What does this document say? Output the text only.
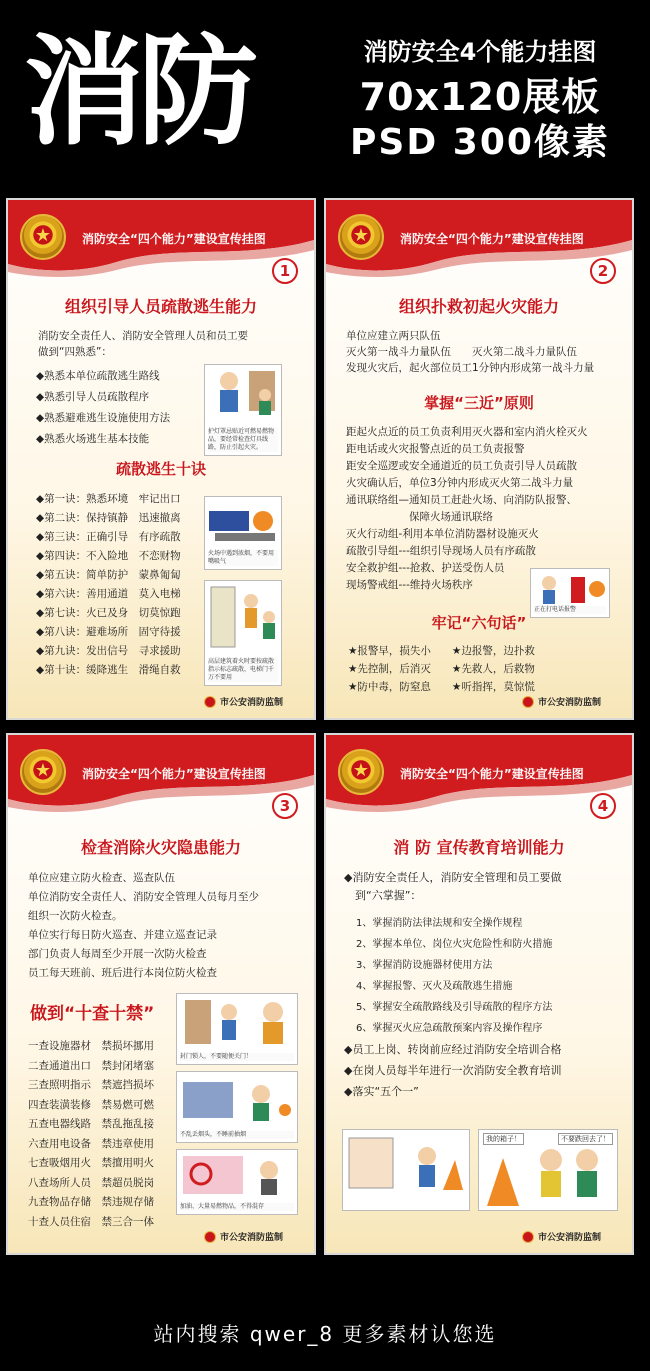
消防	消防安全4个能力挂图
70x120展板
PSD 300像素
★
消防安全“四个能力”建设宣传挂图
1
组织引导人员疏散逃生能力
消防安全责任人、消防安全管理人员和员工要
做到“四熟悉”：
◆熟悉本单位疏散逃生路线
◆熟悉引导人员疏散程序
◆熟悉避难逃生设施使用方法
◆熟悉火场逃生基本技能
护灯罩忌贴近可燃易燃物品，要经常检查灯具线路，防止引起火灾。
疏散逃生十诀
◆第一诀：熟悉环境　 牢记出口
◆第二诀：保持镇静　 迅速撤离
◆第三诀：正确引导　 有序疏散
◆第四诀：不入险地　 不恋财物
◆第五诀：简单防护　 蒙鼻匍匐
◆第六诀：善用通道　 莫入电梯
◆第七诀：火已及身　 切莫惊跑
◆第八诀：避难场所　 固守待援
◆第九诀：发出信号　 寻求援助
◆第十诀：缓降逃生　 滑绳自救
火场中遇到浓烟，不要用嘴吸气
高层建筑着火时要按疏散指示标志疏散，电梯门千万不要用
市公安消防监制
★
消防安全“四个能力”建设宣传挂图
2
组织扑救初起火灾能力
单位应建立两只队伍
灭火第一战斗力量队伍　　灭火第二战斗力量队伍
发现火灾后，起火部位员工1分钟内形成第一战斗力量
掌握“三近”原则
距起火点近的员工负责利用灭火器和室内消火栓灭火
距电话或火灾报警点近的员工负责报警
距安全巡逻或安全通道近的员工负责引导人员疏散
火灾确认后，单位3分钟内形成灭火第二战斗力量
通讯联络组—通知员工赶赴火场、向消防队报警、
　　　　　　保障火场通讯联络
灭火行动组-利用本单位消防器材设施灭火
疏散引导组---组织引导现场人员有序疏散
安全救护组---抢救、护送受伤人员
现场警戒组---维持火场秩序
正在打电话报警
牢记“六句话”
★报警早，损失小　　 ★边报警，边扑救
★先控制，后消灭　　 ★先救人，后救物
★防中毒，防窒息　　 ★听指挥，莫惊慌
市公安消防监制
★
消防安全“四个能力”建设宣传挂图
3
检查消除火灾隐患能力
单位应建立防火检查、巡查队伍
单位消防安全责任人、消防安全管理人员每月至少
组织一次防火检查。
单位实行每日防火巡查、并建立巡查记录
部门负责人每周至少开展一次防火检查
员工每天班前、班后进行本岗位防火检查
做到“十查十禁”
一查设施器材　 禁损坏挪用
二查通道出口　 禁封闭堵塞
三查照明指示　 禁遮挡损坏
四查装潢装修　 禁易燃可燃
五查电器线路　 禁乱拖乱接
六查用电设备　 禁违章使用
七查吸烟用火　 禁擅用明火
八查场所人员　 禁超员脱岗
九查物品存储　 禁违规存储
十查人员住宿　 禁三合一体
封门锁人，不要随便关门！
不乱丢烟头，不睡前抽烟
加油、大量易燃物品，不得混存
市公安消防监制
★
消防安全“四个能力”建设宣传挂图
4
消 防 宣传教育培训能力
◆消防安全责任人，消防安全管理和员工要做
　到“六掌握”：
1、掌握消防法律法规和安全操作规程
2、掌握本单位、岗位火灾危险性和防火措施
3、掌握消防设施器材使用方法
4、掌握报警、灭火及疏散逃生措施
5、掌握安全疏散路线及引导疏散的程序方法
6、掌握灭火应急疏散预案内容及操作程序
◆员工上岗、转岗前应经过消防安全培训合格
◆在岗人员每半年进行一次消防安全教育培训
◆落实“五个一”
我的箱子！	不要跌回去了！
市公安消防监制
站内搜索 qwer_8 更多素材认您选
